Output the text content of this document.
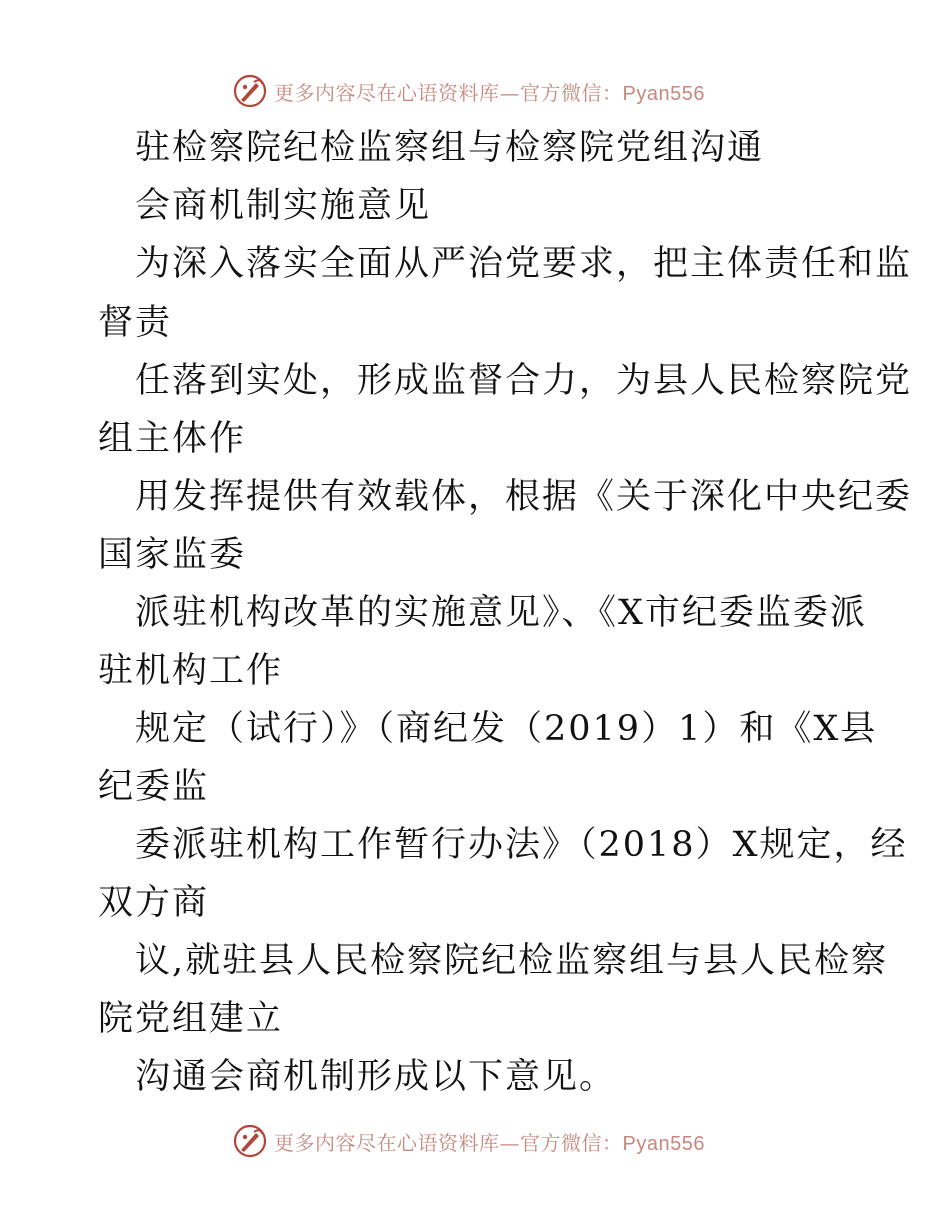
更多内容尽在心语资料库—官方微信：Pyan556
驻检察院纪检监察组与检察院党组沟通
会商机制实施意见
为深入落实全面从严治党要求，把主体责任和监
督责
任落到实处，形成监督合力，为县人民检察院党
组主体作
用发挥提供有效载体，根据《关于深化中央纪委
国家监委
派驻机构改革的实施意见》、《X市纪委监委派
驻机构工作
规定（试行）》（商纪发（2019）1）和《X县
纪委监
委派驻机构工作暂行办法》（2018）X规定，经
双方商
议,就驻县人民检察院纪检监察组与县人民检察
院党组建立
沟通会商机制形成以下意见。
更多内容尽在心语资料库—官方微信：Pyan556
